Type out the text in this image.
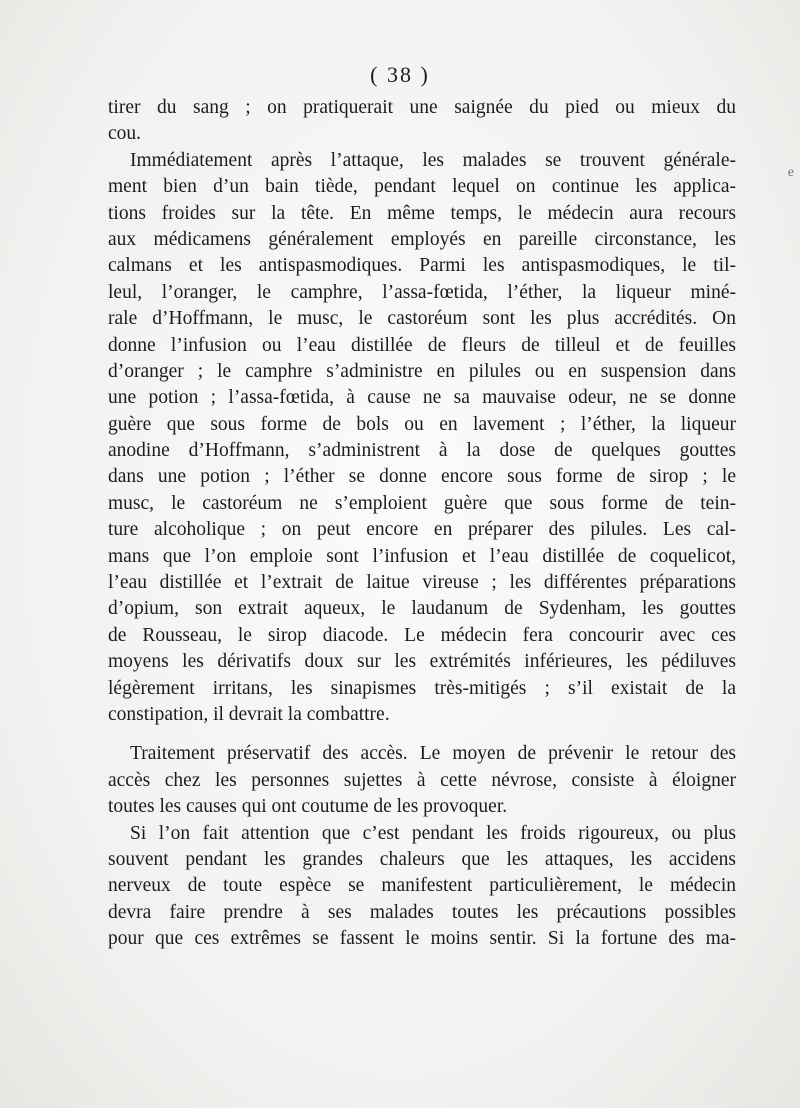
( 38 )
e
tirer du sang ; on pratiquerait une saignée du pied ou mieux du
cou.
Immédiatement après l’attaque, les malades se trouvent générale-
ment bien d’un bain tiède, pendant lequel on continue les applica-
tions froides sur la tête. En même temps, le médecin aura recours
aux médicamens généralement employés en pareille circonstance, les
calmans et les antispasmodiques. Parmi les antispasmodiques, le til-
leul, l’oranger, le camphre, l’assa-fœtida, l’éther, la liqueur miné-
rale d’Hoffmann, le musc, le castoréum sont les plus accrédités. On
donne l’infusion ou l’eau distillée de fleurs de tilleul et de feuilles
d’oranger ; le camphre s’administre en pilules ou en suspension dans
une potion ; l’assa-fœtida, à cause ne sa mauvaise odeur, ne se donne
guère que sous forme de bols ou en lavement ; l’éther, la liqueur
anodine d’Hoffmann, s’administrent à la dose de quelques gouttes
dans une potion ; l’éther se donne encore sous forme de sirop ; le
musc, le castoréum ne s’emploient guère que sous forme de tein-
ture alcoholique ; on peut encore en préparer des pilules. Les cal-
mans que l’on emploie sont l’infusion et l’eau distillée de coquelicot,
l’eau distillée et l’extrait de laitue vireuse ; les différentes préparations
d’opium, son extrait aqueux, le laudanum de Sydenham, les gouttes
de Rousseau, le sirop diacode. Le médecin fera concourir avec ces
moyens les dérivatifs doux sur les extrémités inférieures, les pédiluves
légèrement irritans, les sinapismes très-mitigés ; s’il existait de la
constipation, il devrait la combattre.
Traitement préservatif des accès. Le moyen de prévenir le retour des
accès chez les personnes sujettes à cette névrose, consiste à éloigner
toutes les causes qui ont coutume de les provoquer.
Si l’on fait attention que c’est pendant les froids rigoureux, ou plus
souvent pendant les grandes chaleurs que les attaques, les accidens
nerveux de toute espèce se manifestent particulièrement, le médecin
devra faire prendre à ses malades toutes les précautions possibles
pour que ces extrêmes se fassent le moins sentir. Si la fortune des ma-
